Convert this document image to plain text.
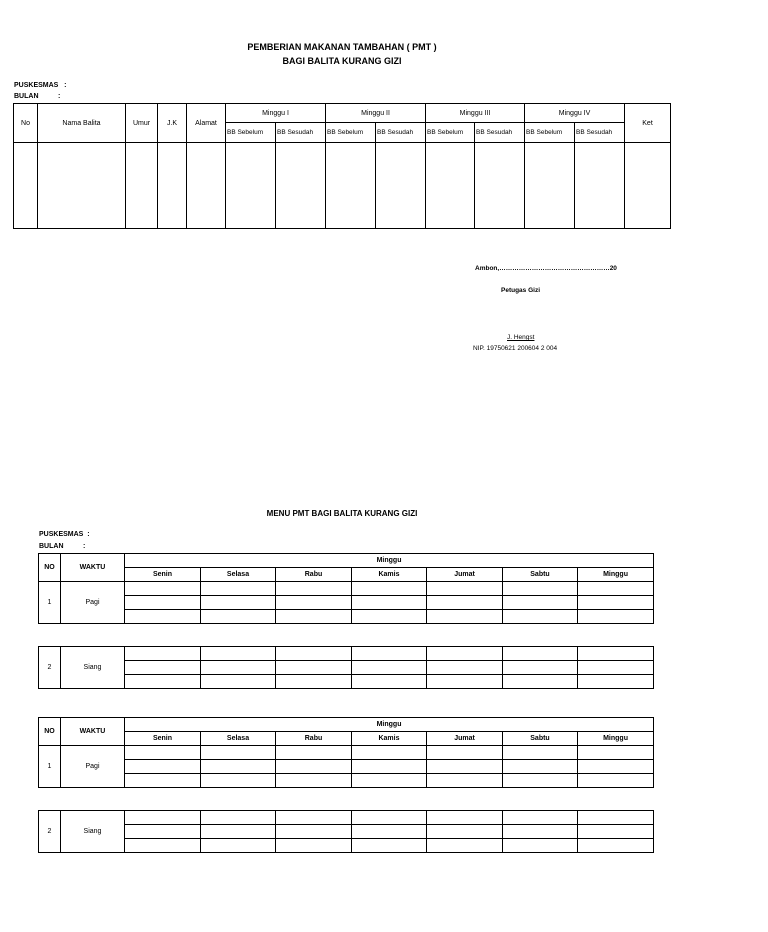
PEMBERIAN MAKANAN TAMBAHAN ( PMT )
BAGI BALITA KURANG GIZI
PUSKESMAS   :
BULAN          :
No	Nama Balita	Umur	J.K	Alamat	Minggu I		Minggu II		Minggu III		Minggu IV		Ket
					BB Sebelum	BB Sesudah	BB Sebelum	BB Sesudah	BB Sebelum	BB Sesudah	BB Sebelum	BB Sesudah	

Ambon,……………………………………………20
Petugas Gizi
J. Hengst
NIP. 19750621 200604 2 004
MENU PMT BAGI BALITA KURANG GIZI
PUSKESMAS  :
BULAN          :
NO	WAKTU	Minggu						
		Senin	Selasa	Rabu	Kamis	Jumat	Sabtu	Minggu
1	Pagi							

2	Siang							

NO	WAKTU	Minggu						
		Senin	Selasa	Rabu	Kamis	Jumat	Sabtu	Minggu
1	Pagi							

2	Siang							
